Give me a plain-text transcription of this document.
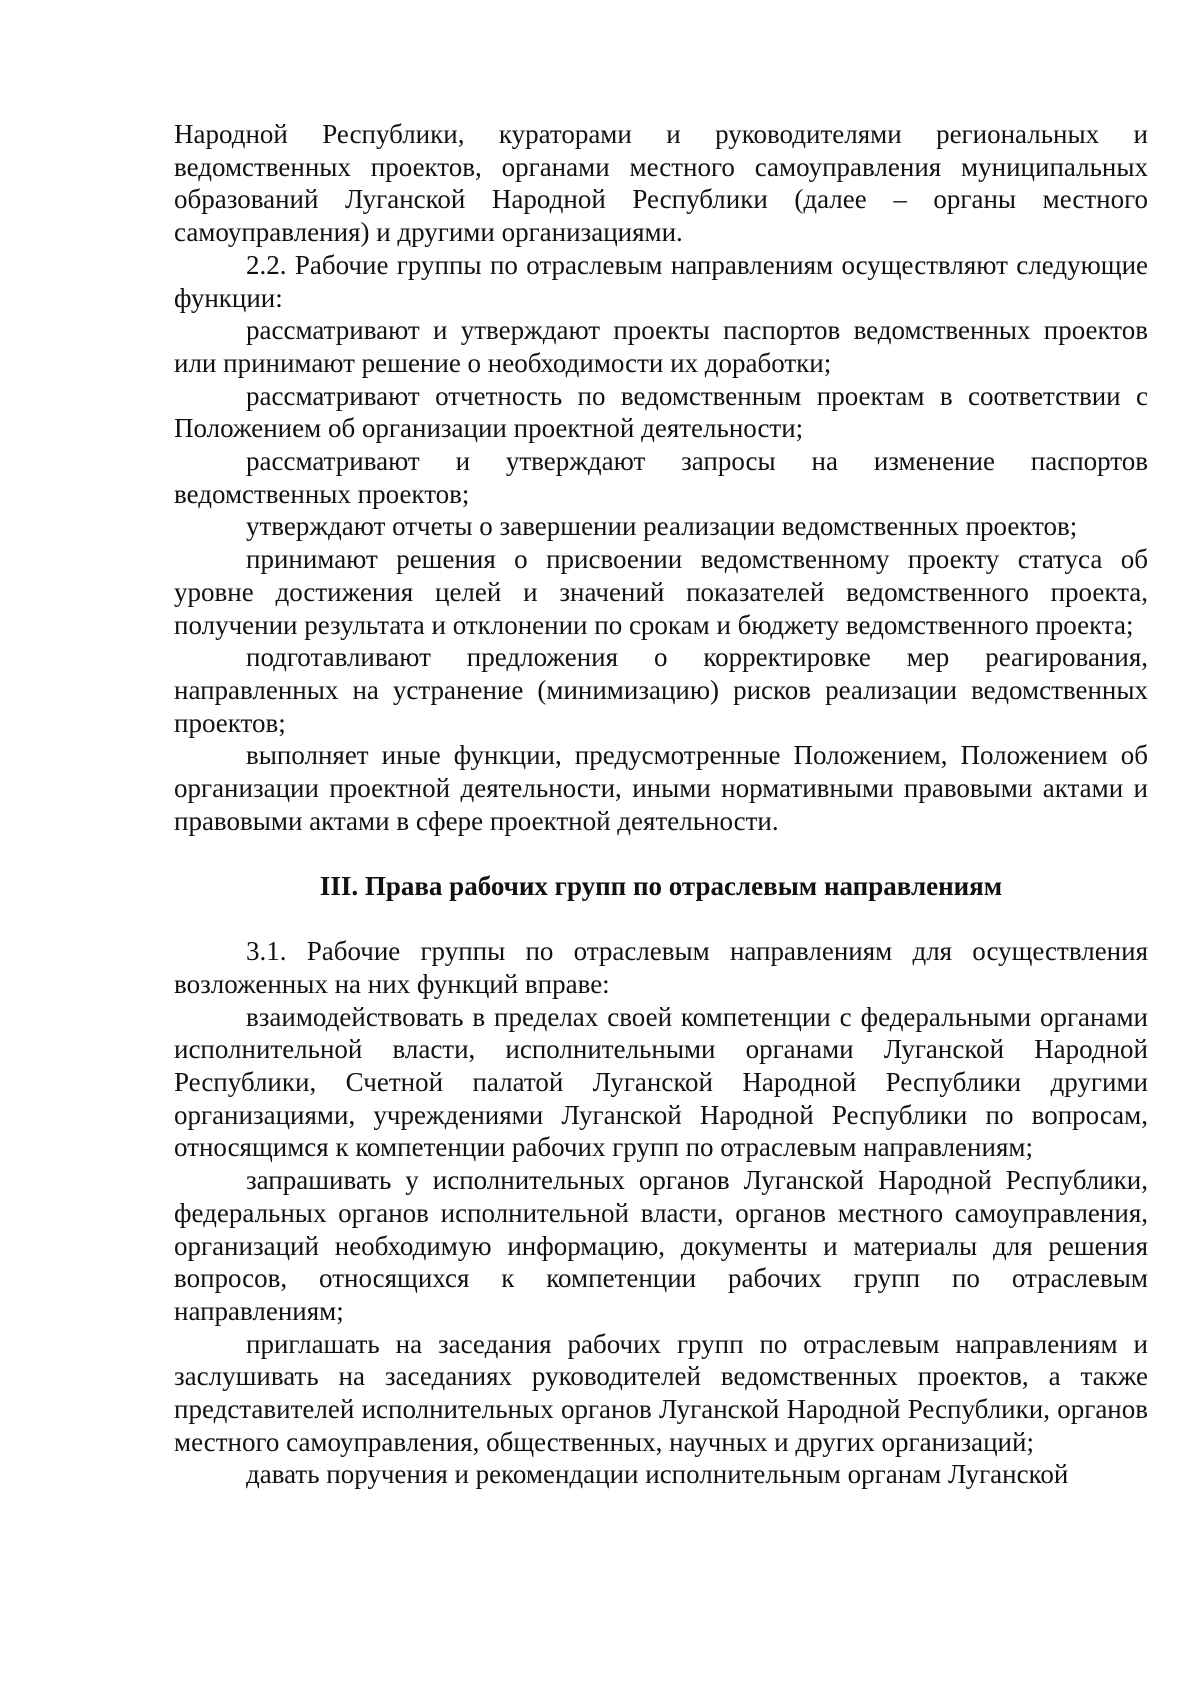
Народной Республики, кураторами и руководителями региональных и ведомственных проектов, органами местного самоуправления муниципальных образований Луганской Народной Республики (далее – органы местного самоуправления) и другими организациями.

2.2. Рабочие группы по отраслевым направлениям осуществляют следующие функции:

рассматривают и утверждают проекты паспортов ведомственных проектов или принимают решение о необходимости их доработки;

рассматривают отчетность по ведомственным проектам в соответствии с Положением об организации проектной деятельности;

рассматривают и утверждают запросы на изменение паспортов ведомственных проектов;

утверждают отчеты о завершении реализации ведомственных проектов;

принимают решения о присвоении ведомственному проекту статуса об уровне достижения целей и значений показателей ведомственного проекта, получении результата и отклонении по срокам и бюджету ведомственного проекта;

подготавливают предложения о корректировке мер реагирования, направленных на устранение (минимизацию) рисков реализации ведомственных проектов;

выполняет иные функции, предусмотренные Положением, Положением об организации проектной деятельности, иными нормативными правовыми актами и правовыми актами в сфере проектной деятельности.

III. Права рабочих групп по отраслевым направлениям

3.1. Рабочие группы по отраслевым направлениям для осуществления возложенных на них функций вправе:

взаимодействовать в пределах своей компетенции с федеральными органами исполнительной власти, исполнительными органами Луганской Народной Республики, Счетной палатой Луганской Народной Республики другими организациями, учреждениями Луганской Народной Республики по вопросам, относящимся к компетенции рабочих групп по отраслевым направлениям;

запрашивать у исполнительных органов Луганской Народной Республики, федеральных органов исполнительной власти, органов местного самоуправления, организаций необходимую информацию, документы и материалы для решения вопросов, относящихся к компетенции рабочих групп по отраслевым направлениям;

приглашать на заседания рабочих групп по отраслевым направлениям и заслушивать на заседаниях руководителей ведомственных проектов, а также представителей исполнительных органов Луганской Народной Республики, органов местного самоуправления, общественных, научных и других организаций;

давать поручения и рекомендации исполнительным органам Луганской
